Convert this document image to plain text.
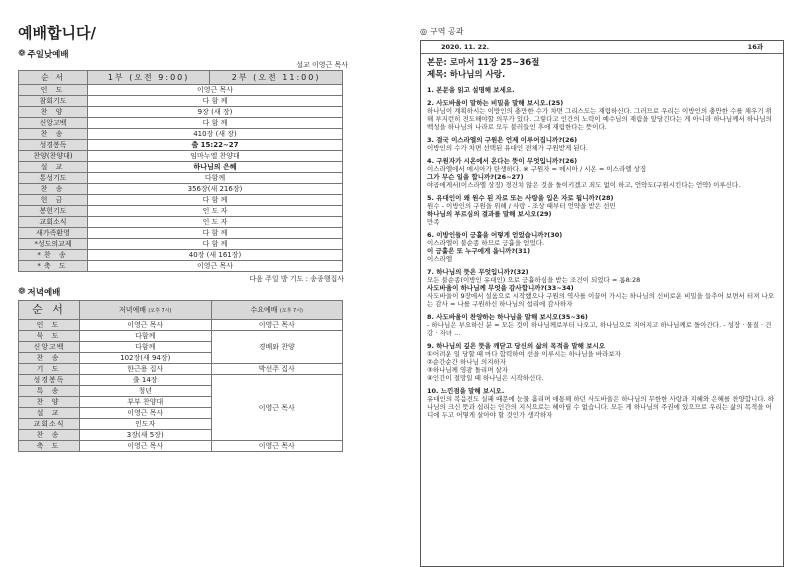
예배합니다/
❁ 주일낮예배
설교 이영근 목사
순 서	1부 (오전 9:00)	2부 (오전 11:00)
인 도	이영근 목사	
참회기도	다 함 께	
찬 양	9장 (새 장)	
신앙고백	다 함 께	
찬 송	410장 (새 장)	
성경봉독	출 15:22~27	
찬양(찬양대)	임마누엘 찬양대	
설 교	하나님의 은혜	
통성기도	다함께	
찬 송	356장(새 216장)	
헌 금	다 함 께	
봉헌기도	인 도 자	
교회소식	인 도 자	
새가족환영	다 함 께	
*성도의교제	다 함 께	
*찬 송	40장 (새 161장)	
*축 도	이영근 목사	
다음 주일 방 기도 : 송종행집사
❁ 저녁예배
순 서	저녁예배 (오후 7시)	수요예배 (오후 7시)
인 도	이영근 목사	이영근 목사
묵 도	다함께	경배와 찬양
신앙고백	다함께	
찬 송	102장(새 94장)	
기 도	한근용 집사	박선주 집사
성경봉독	출 14장	이영근 목사
특 송	청년	
찬 양	부부 찬양대	
설 교	이영근 목사	
교회소식	인도자	
찬 송	3장(새 5장)	
축 도	이영근 목사	이영근 목사
◎ 구역 공과
2020. 11. 22.	16과
본문: 로마서 11장 25~36절
제목: 하나님의 사랑.

1. 본문을 읽고 설명해 보세요.

2. 사도바울이 말하는 비밀을 말해 보시오.(25)

하나님이 계획하시는 이방인의 충만한 수가 차면 그리스도는 재림하신다. 그러므로 우리는 이방인의 충만한 수를 채우기 위해 부지런히 전도해야할 의무가 있다. 그렇다고 인간의 노력이 예수님의 재림을 앞당긴다는 게 아니라 하나님께서 하나님의 백성을 하나님의 나라로 모두 불러들인 후에 재림한다는 뜻이다.

3. 결국 이스라엘의 구원은 언제 이루어집니까?(26)

이방인의 수가 차면 선택된 유대인 전체가 구원받게 된다.

4. 구원자가 시온에서 온다는 뜻이 무엇입니까?(26)

이스라엘에서 메시아가 탄생하다. ※ 구원자 = 메시아 / 시온 = 이스라엘 상징

그가 무슨 일을 합니까?(26~27)

야곱에게서(이스라엘 상징) 경건치 않은 것을 돌이키겠고 죄도 없이 하고, 언약도(구원시킨다는 언약) 이루신다.

5. 유대인이 왜 원수 된 자로 또는 사랑을 입은 자로 됩니까?(28)

원수 - 이방인의 구원을 위해 / 사랑 - 조상 때부터 언약을 받은 선민

하나님의 부르심의 결과를 말해 보시오(29)

만족

6. 이방인들이 긍휼을 어떻게 얻었습니까?(30)

이스라엘이 불순종 하므로 긍휼을 얻었다.

이 긍휼은 또 누구에게 옵니까?(31)

이스라엘

7. 하나님의 뜻은 무엇입니까?(32)

모든 불순종(이방인 유대인) 으로 긍휼하심을 받는 조건이 되었다 = 롬8:28

사도바울이 하나님께 무엇을 감사합니까?(33~34)

사도바울이 9장에서 설움으로 시작했으나 구원의 역사를 이끌어 가시는 하나님의 신비로운 비밀을 들추어 보면서 터져 나오는 감사 = 나를 구원하신 하나님의 섭리에 감사하자

8. 사도바울이 찬양하는 하나님을 말해 보시오(35~36)

- 하나님은 부요하신 분 = 모든 것이 하나님께로부터 나오고, 하나님으로 지어지고 하나님께로 돌아간다. - 성장 · 물질 · 건강 · 자녀 ...

9. 하나님의 깊은 뜻을 깨닫고 당신의 삶의 목적을 말해 보시오

①어려운 일 당할 때 마다 합력하여 선을 이루시는 하나님을 바라보자

②순간순간 하나님 의지하자

③하나님께 영광 돌리며 살자

④인간이 절망일 때 하나님은 시작하신다.

10. 느낀점을 말해 보시오.

유대인의 복음전도 실패 때문에 눈물 흘리며 애통해 하던 사도바울은 하나님의 무한한 사랑과 지혜와 은혜를 찬양합니다. 하나님의 크신 뜻과 섭리는 인간의 지식으로는 헤아릴 수 없습니다. 모든 게 하나님의 주권에 있으므로 우리는 삶의 목적을 어디에 두고 어떻게 살아야 할 것인가 생각하자
